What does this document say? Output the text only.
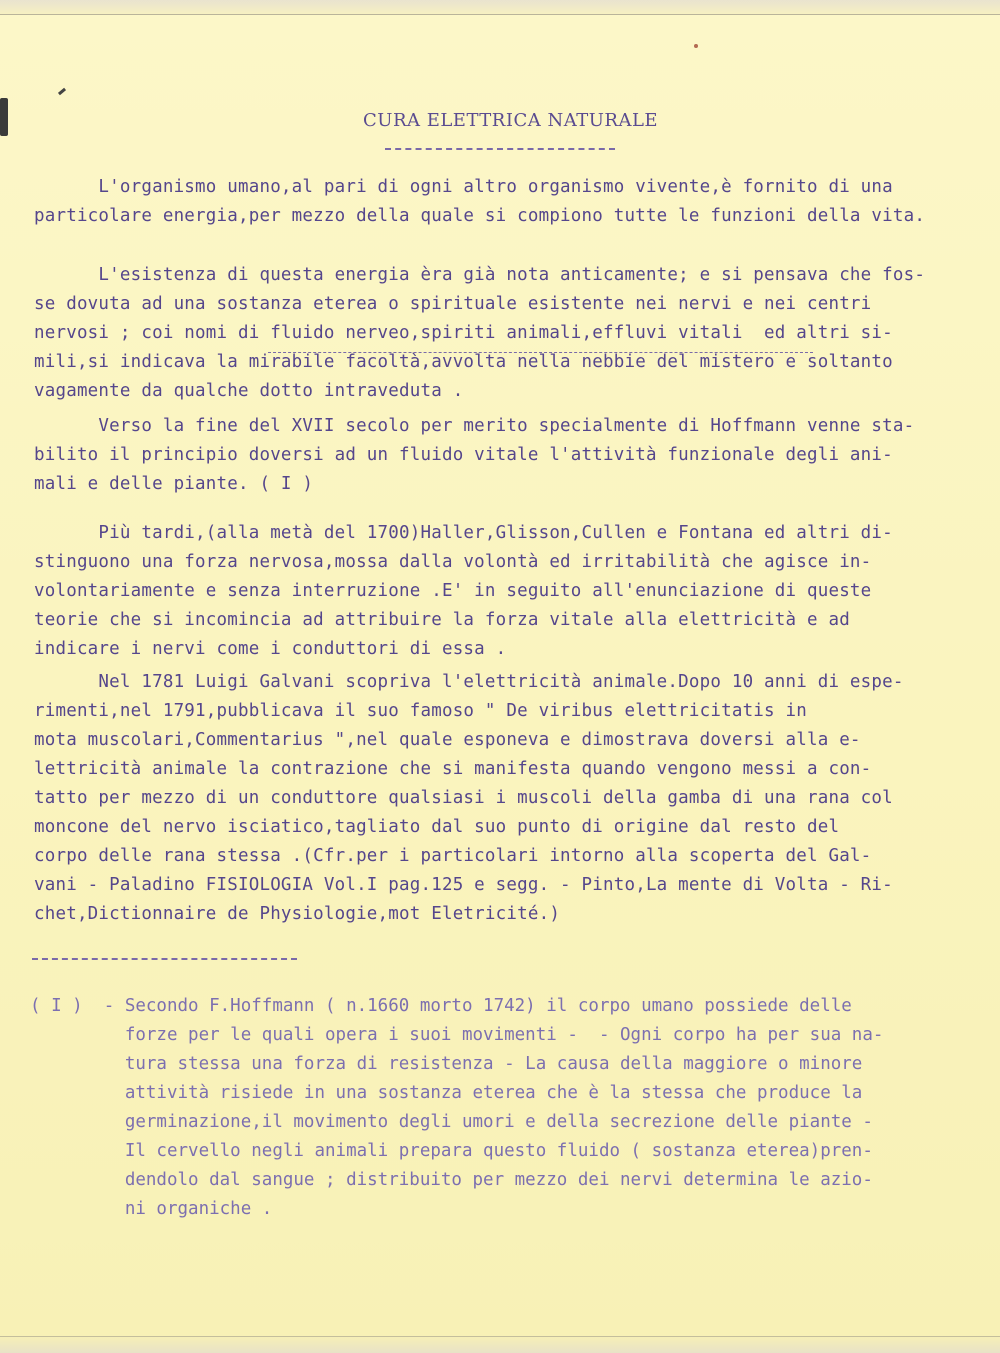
CURA ELETTRICA NATURALE
L'organismo umano,al pari di ogni altro organismo vivente,è fornito di una
particolare energia,per mezzo della quale si compiono tutte le funzioni della vita.
L'esistenza di questa energia èra già nota anticamente; e si pensava che fos-
se dovuta ad una sostanza eterea o spirituale esistente nei nervi e nei centri
nervosi ; coi nomi di fluido nerveo,spiriti animali,effluvi vitali  ed altri si-
mili,si indicava la mirabile facoltà,avvolta nella nebbie del mistero e soltanto
vagamente da qualche dotto intraveduta .
Verso la fine del XVII secolo per merito specialmente di Hoffmann venne sta-
bilito il principio doversi ad un fluido vitale l'attività funzionale degli ani-
mali e delle piante. ( I )
Più tardi,(alla metà del 1700)Haller,Glisson,Cullen e Fontana ed altri di-
stinguono una forza nervosa,mossa dalla volontà ed irritabilità che agisce in-
volontariamente e senza interruzione .E' in seguito all'enunciazione di queste
teorie che si incomincia ad attribuire la forza vitale alla elettricità e ad
indicare i nervi come i conduttori di essa .
Nel 1781 Luigi Galvani scopriva l'elettricità animale.Dopo 10 anni di espe-
rimenti,nel 1791,pubblicava il suo famoso " De viribus elettricitatis in
mota muscolari,Commentarius ",nel quale esponeva e dimostrava doversi alla e-
lettricità animale la contrazione che si manifesta quando vengono messi a con-
tatto per mezzo di un conduttore qualsiasi i muscoli della gamba di una rana col
moncone del nervo isciatico,tagliato dal suo punto di origine dal resto del
corpo delle rana stessa .(Cfr.per i particolari intorno alla scoperta del Gal-
vani - Paladino FISIOLOGIA Vol.I pag.125 e segg. - Pinto,La mente di Volta - Ri-
chet,Dictionnaire de Physiologie,mot Eletricité.)
( I )  - Secondo F.Hoffmann ( n.1660 morto 1742) il corpo umano possiede delle
forze per le quali opera i suoi movimenti -  - Ogni corpo ha per sua na-
tura stessa una forza di resistenza - La causa della maggiore o minore
attività risiede in una sostanza eterea che è la stessa che produce la
germinazione,il movimento degli umori e della secrezione delle piante -
Il cervello negli animali prepara questo fluido ( sostanza eterea)pren-
dendolo dal sangue ; distribuito per mezzo dei nervi determina le azio-
ni organiche .
